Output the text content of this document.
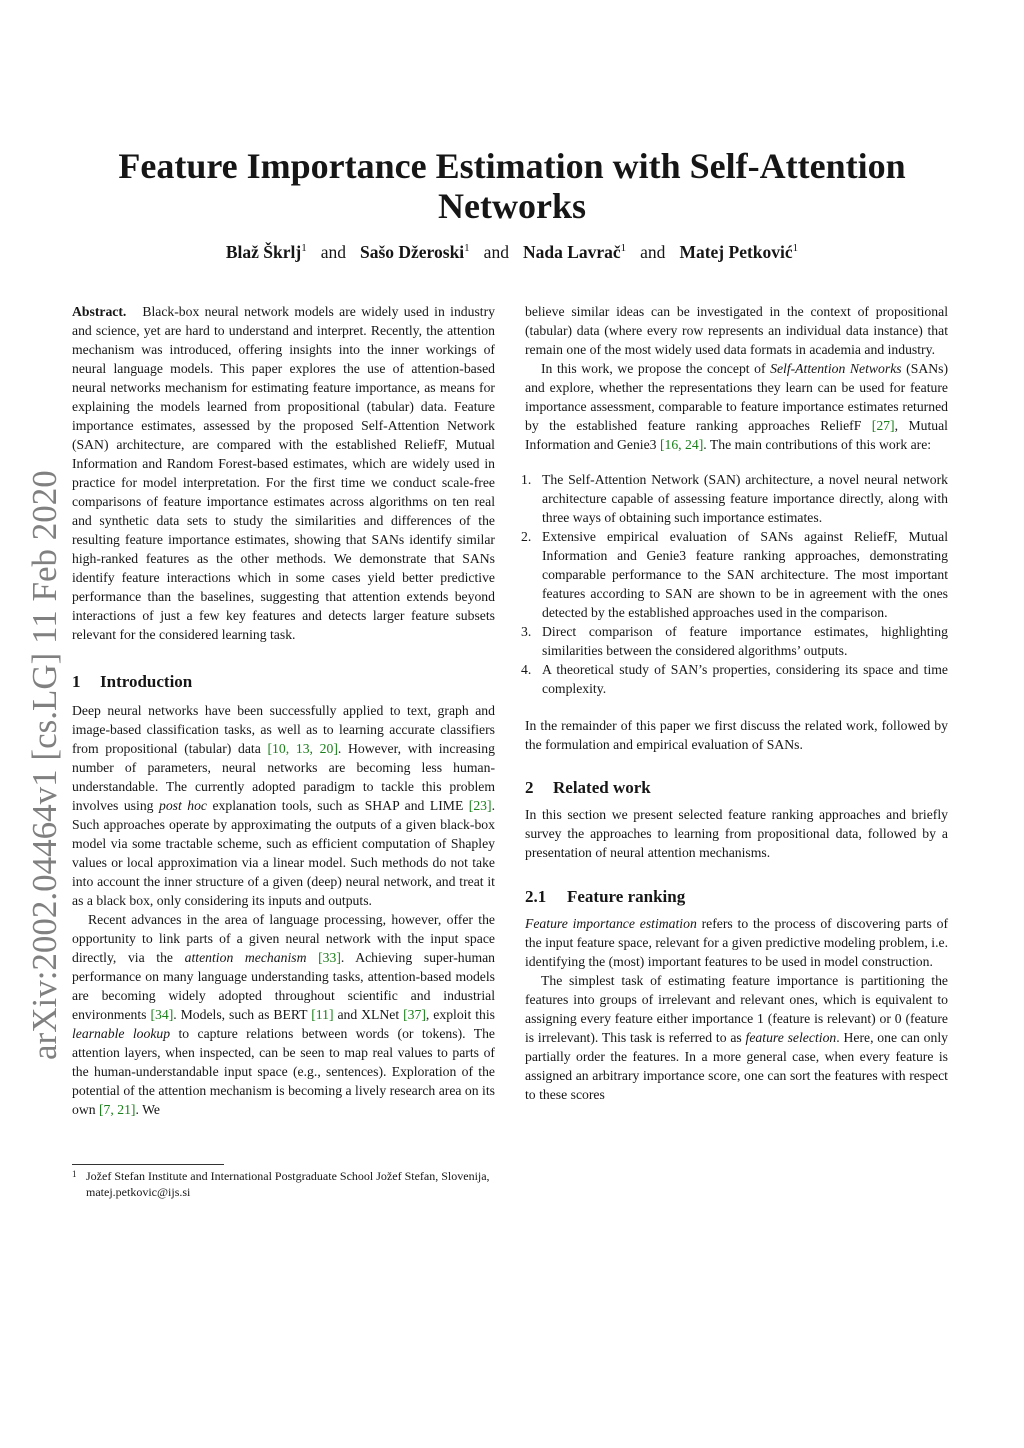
Feature Importance Estimation with Self-Attention Networks
Blaž Škrlj$^1$ and Sašo Džeroski$^1$ and Nada Lavrač$^1$ and Matej Petković$^1$
arXiv:2002.04464v1 [cs.LG] 11 Feb 2020

Abstract. Black-box neural network models are widely used in industry and science, yet are hard to understand and interpret. Recently, the attention mechanism was introduced, offering insights into the inner workings of neural language models. This paper explores the use of attention-based neural networks mechanism for estimating feature importance, as means for explaining the models learned from propositional (tabular) data. Feature importance estimates, assessed by the proposed Self-Attention Network (SAN) architecture, are compared with the established ReliefF, Mutual Information and Random Forest-based estimates, which are widely used in practice for model interpretation. For the first time we conduct scale-free comparisons of feature importance estimates across algorithms on ten real and synthetic data sets to study the similarities and differences of the resulting feature importance estimates, showing that SANs identify similar high-ranked features as the other methods. We demonstrate that SANs identify feature interactions which in some cases yield better predictive performance than the baselines, suggesting that attention extends beyond interactions of just a few key features and detects larger feature subsets relevant for the considered learning task.

1 Introduction

Deep neural networks have been successfully applied to text, graph and image-based classification tasks, as well as to learning accurate classifiers from propositional (tabular) data [10, 13, 20]. However, with increasing number of parameters, neural networks are becoming less human-understandable. The currently adopted paradigm to tackle this problem involves using post hoc explanation tools, such as SHAP and LIME [23]. Such approaches operate by approximating the outputs of a given black-box model via some tractable scheme, such as efficient computation of Shapley values or local approximation via a linear model. Such methods do not take into account the inner structure of a given (deep) neural network, and treat it as a black box, only considering its inputs and outputs.

Recent advances in the area of language processing, however, offer the opportunity to link parts of a given neural network with the input space directly, via the attention mechanism [33]. Achieving super-human performance on many language understanding tasks, attention-based models are becoming widely adopted throughout scientific and industrial environments [34]. Models, such as BERT [11] and XLNet [37], exploit this learnable lookup to capture relations between words (or tokens). The attention layers, when inspected, can be seen to map real values to parts of the human-understandable input space (e.g., sentences). Exploration of the potential of the attention mechanism is becoming a lively research area on its own [7, 21]. We

1 Jožef Stefan Institute and International Postgraduate School Jožef Stefan, Slovenija, matej.petkovic@ijs.si

believe similar ideas can be investigated in the context of propositional (tabular) data (where every row represents an individual data instance) that remain one of the most widely used data formats in academia and industry.

In this work, we propose the concept of Self-Attention Networks (SANs) and explore, whether the representations they learn can be used for feature importance assessment, comparable to feature importance estimates returned by the established feature ranking approaches ReliefF [27], Mutual Information and Genie3 [16, 24]. The main contributions of this work are:

1. The Self-Attention Network (SAN) architecture, a novel neural network architecture capable of assessing feature importance directly, along with three ways of obtaining such importance estimates.
2. Extensive empirical evaluation of SANs against ReliefF, Mutual Information and Genie3 feature ranking approaches, demonstrating comparable performance to the SAN architecture. The most important features according to SAN are shown to be in agreement with the ones detected by the established approaches used in the comparison.
3. Direct comparison of feature importance estimates, highlighting similarities between the considered algorithms’ outputs.
4. A theoretical study of SAN’s properties, considering its space and time complexity.

In the remainder of this paper we first discuss the related work, followed by the formulation and empirical evaluation of SANs.

2 Related work

In this section we present selected feature ranking approaches and briefly survey the approaches to learning from propositional data, followed by a presentation of neural attention mechanisms.

2.1 Feature ranking

Feature importance estimation refers to the process of discovering parts of the input feature space, relevant for a given predictive modeling problem, i.e. identifying the (most) important features to be used in model construction.

The simplest task of estimating feature importance is partitioning the features into groups of irrelevant and relevant ones, which is equivalent to assigning every feature either importance 1 (feature is relevant) or 0 (feature is irrelevant). This task is referred to as feature selection. Here, one can only partially order the features. In a more general case, when every feature is assigned an arbitrary importance score, one can sort the features with respect to these scores
